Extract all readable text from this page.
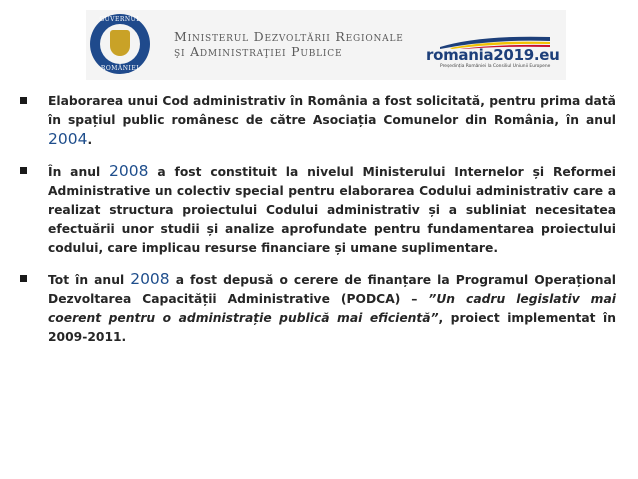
GUVERNUL
ROMÂNIEI
Ministerul Dezvoltării Regionale
şi Administraţiei Publice	romania2019.eu
Președinția României la Consiliul Uniunii Europene
Elaborarea unui Cod administrativ în România a fost solicitată, pentru prima dată în spațiul public românesc de către Asociația Comunelor din România, în anul 2004.
În anul 2008 a fost constituit la nivelul Ministerului Internelor și Reformei Administrative un colectiv special pentru elaborarea Codului administrativ care a realizat structura proiectului Codului administrativ și a subliniat necesitatea efectuării unor studii și analize aprofundate pentru fundamentarea proiectului codului, care implicau resurse financiare și umane suplimentare.
Tot în anul 2008 a fost depusă o cerere de finanțare la Programul Operațional Dezvoltarea Capacității Administrative (PODCA) – ”Un cadru legislativ mai coerent pentru o administrație publică mai eficientă”, proiect implementat în 2009-2011.
